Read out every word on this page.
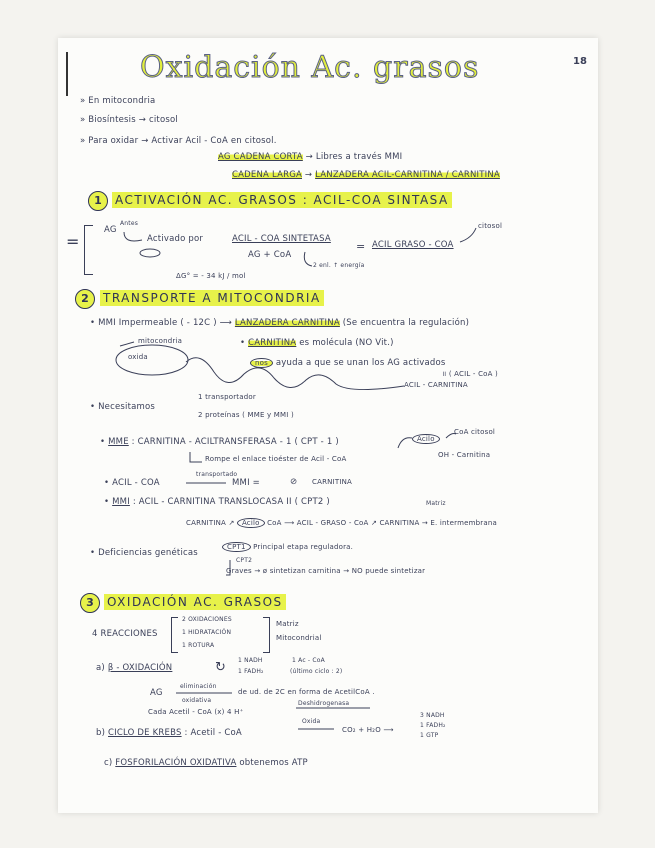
Oxidación Ac. grasos	18
» En mitocondria
» Biosíntesis → citosol
» Para oxidar → Activar Acil - CoA en citosol.
AG CADENA CORTA → Libres a través MMI
CADENA LARGA → LANZADERA ACIL-CARNITINA / CARNITINA
1	ACTIVACIÓN AC. GRASOS : ACIL-COA SINTASA
=
AG
Antes
Activado por	ACIL - COA SINTETASA
AG + CoA
= ACIL GRASO - COA
citosol
2 enl. ↑ energía
ΔG° = - 34 kJ / mol
2	TRANSPORTE A MITOCONDRIA
• MMI Impermeable ( - 12C ) ⟶ LANZADERA CARNITINA (Se encuentra la regulación)
mitocondria
oxida
• CARNITINA es molécula (NO Vit.)
nos ayuda a que se unan los AG activados
॥ ( ACIL - CoA )
ACIL - CARNITINA
• Necesitamos
1 transportador
2 proteínas ( MME y MMI )
• MME : CARNITINA - ACILTRANSFERASA - 1 ( CPT - 1 )	Acilo
CoA citosol
OH - Carnitina
Rompe el enlace tioéster de Acil - CoA
• ACIL - COA
transportado
MMI =	⊘ CARNITINA
• MMI : ACIL - CARNITINA TRANSLOCASA II ( CPT2 )	Matriz
CARNITINA ↗ Acilo CoA ⟶ ACIL - GRASO - CoA ↗ CARNITINA → E. intermembrana
• Deficiencias genéticas
CPT1 Principal etapa reguladora.
CPT2
Graves → ø sintetizan carnitina → NO puede sintetizar
3	OXIDACIÓN AC. GRASOS
4 REACCIONES
2 OXIDACIONES
1 HIDRATACIÓN
1 ROTURA
Matriz
Mitocondrial
a) β - OXIDACIÓN	↻ 1 NADH
1 FADH₂
1 Ac - CoA
(último ciclo : 2)
AG
eliminación
oxidativa
de ud. de 2C en forma de AcetilCoA .
Cada Acetil - CoA (x) 4 H⁺
Deshidrogenasa
b) CICLO DE KREBS : Acetil - CoA
Oxida
CO₂ + H₂O ⟶
3 NADH
1 FADH₂
1 GTP
c) FOSFORILACIÓN OXIDATIVA obtenemos ATP
